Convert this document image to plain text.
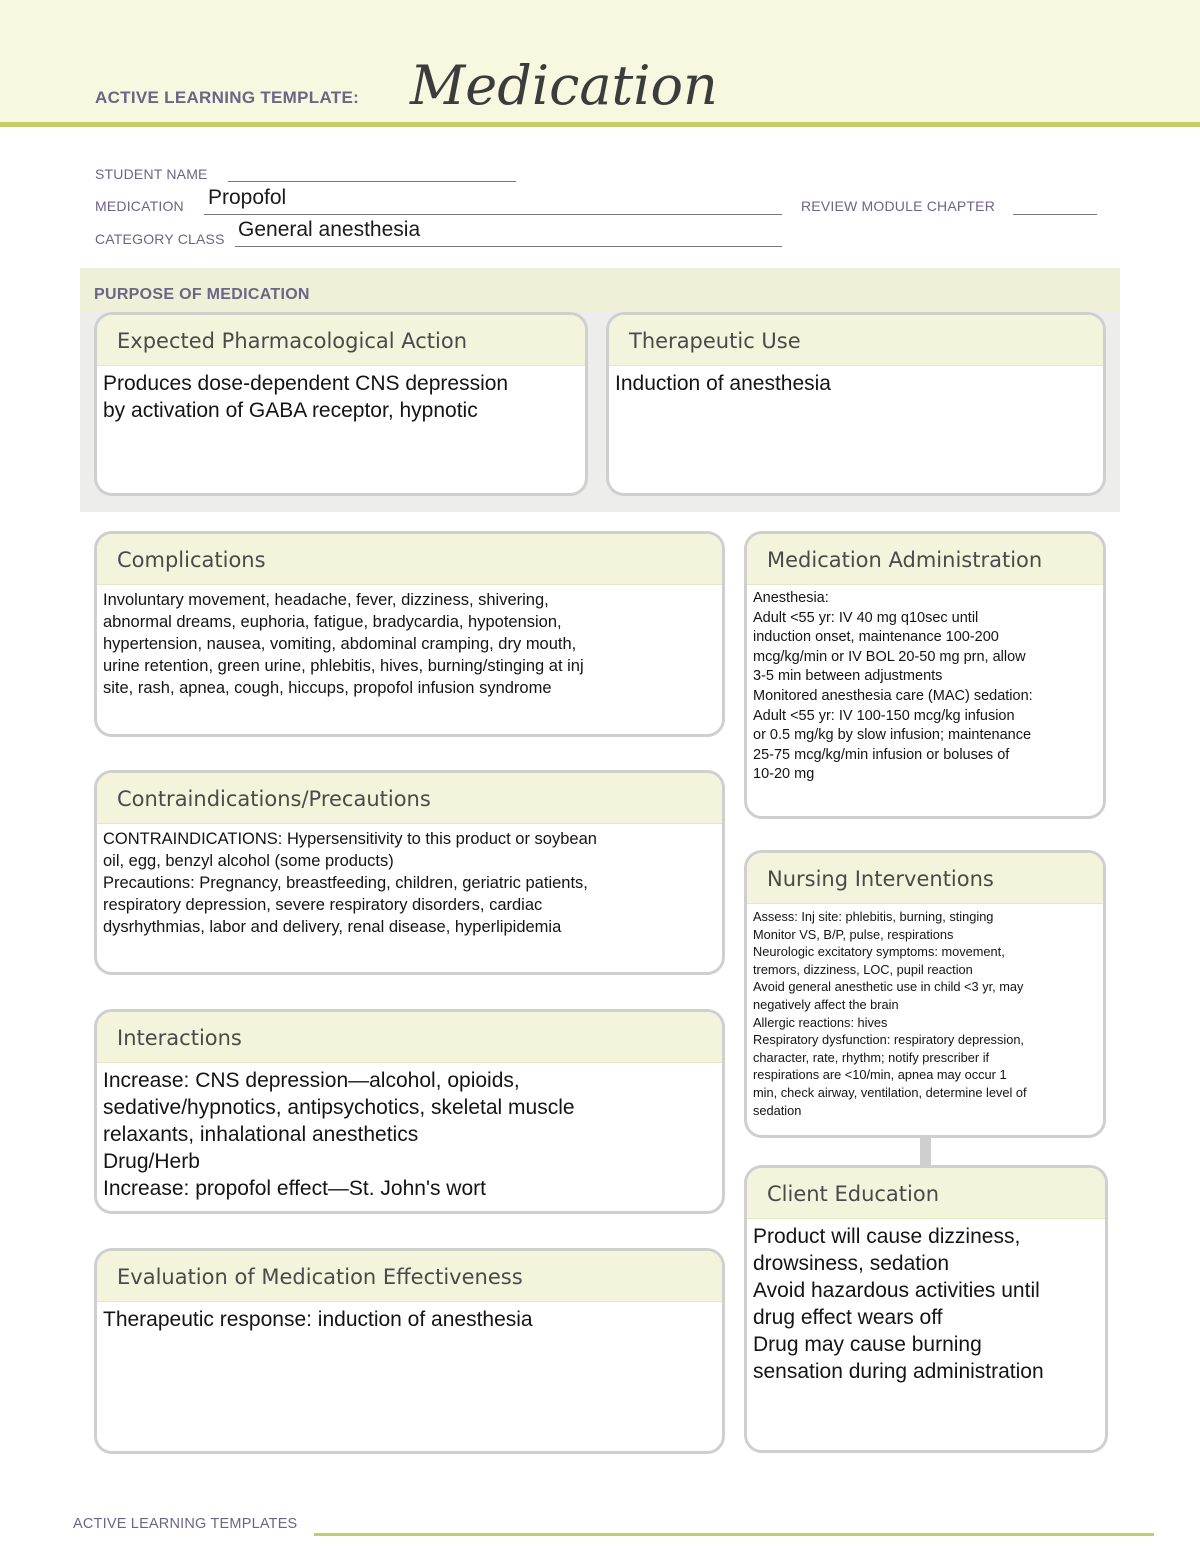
ACTIVE LEARNING TEMPLATE: Medication
STUDENT NAME
MEDICATION Propofol	REVIEW MODULE CHAPTER
CATEGORY CLASS General anesthesia
PURPOSE OF MEDICATION
Expected Pharmacological Action
Produces dose-dependent CNS depression
by activation of GABA receptor, hypnotic
Therapeutic Use
Induction of anesthesia
Complications
Involuntary movement, headache, fever, dizziness, shivering,
abnormal dreams, euphoria, fatigue, bradycardia, hypotension,
hypertension, nausea, vomiting, abdominal cramping, dry mouth,
urine retention, green urine, phlebitis, hives, burning/stinging at inj
site, rash, apnea, cough, hiccups, propofol infusion syndrome
Medication Administration
Anesthesia:
Adult <55 yr: IV 40 mg q10sec until
induction onset, maintenance 100-200
mcg/kg/min or IV BOL 20-50 mg prn, allow
3-5 min between adjustments
Monitored anesthesia care (MAC) sedation:
Adult <55 yr: IV 100-150 mcg/kg infusion
or 0.5 mg/kg by slow infusion; maintenance
25-75 mcg/kg/min infusion or boluses of
10-20 mg
Contraindications/Precautions
CONTRAINDICATIONS: Hypersensitivity to this product or soybean
oil, egg, benzyl alcohol (some products)
Precautions: Pregnancy, breastfeeding, children, geriatric patients,
respiratory depression, severe respiratory disorders, cardiac
dysrhythmias, labor and delivery, renal disease, hyperlipidemia
Nursing Interventions
Assess: Inj site: phlebitis, burning, stinging
Monitor VS, B/P, pulse, respirations
Neurologic excitatory symptoms: movement,
tremors, dizziness, LOC, pupil reaction
Avoid general anesthetic use in child <3 yr, may
negatively affect the brain
Allergic reactions: hives
Respiratory dysfunction: respiratory depression,
character, rate, rhythm; notify prescriber if
respirations are <10/min, apnea may occur 1
min, check airway, ventilation, determine level of
sedation
Interactions
Increase: CNS depression—alcohol, opioids,
sedative/hypnotics, antipsychotics, skeletal muscle
relaxants, inhalational anesthetics
Drug/Herb
Increase: propofol effect—St. John's wort	Client Education
Product will cause dizziness,
drowsiness, sedation
Avoid hazardous activities until
drug effect wears off
Drug may cause burning
sensation during administration
Evaluation of Medication Effectiveness
Therapeutic response: induction of anesthesia
ACTIVE LEARNING TEMPLATES
